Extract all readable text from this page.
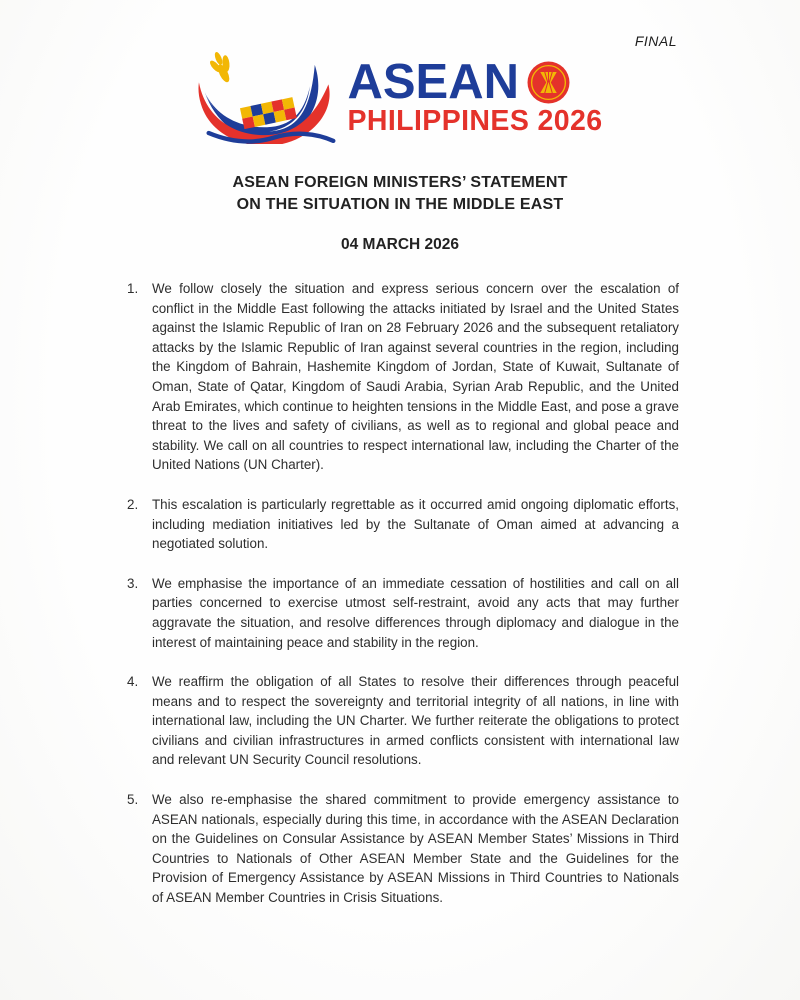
FINAL
ASEAN
PHILIPPINES 2026
ASEAN FOREIGN MINISTERS’ STATEMENT
ON THE SITUATION IN THE MIDDLE EAST
04 MARCH 2026
1.	We follow closely the situation and express serious concern over the escalation of conflict in the Middle East following the attacks initiated by Israel and the United States against the Islamic Republic of Iran on 28 February 2026 and the subsequent retaliatory attacks by the Islamic Republic of Iran against several countries in the region, including the Kingdom of Bahrain, Hashemite Kingdom of Jordan, State of Kuwait, Sultanate of Oman, State of Qatar, Kingdom of Saudi Arabia, Syrian Arab Republic, and the United Arab Emirates, which continue to heighten tensions in the Middle East, and pose a grave threat to the lives and safety of civilians, as well as to regional and global peace and stability. We call on all countries to respect international law, including the Charter of the United Nations (UN Charter).
2.	This escalation is particularly regrettable as it occurred amid ongoing diplomatic efforts, including mediation initiatives led by the Sultanate of Oman aimed at advancing a negotiated solution.
3.	We emphasise the importance of an immediate cessation of hostilities and call on all parties concerned to exercise utmost self-restraint, avoid any acts that may further aggravate the situation, and resolve differences through diplomacy and dialogue in the interest of maintaining peace and stability in the region.
4.	We reaffirm the obligation of all States to resolve their differences through peaceful means and to respect the sovereignty and territorial integrity of all nations, in line with international law, including the UN Charter. We further reiterate the obligations to protect civilians and civilian infrastructures in armed conflicts consistent with international law and relevant UN Security Council resolutions.
5.	We also re-emphasise the shared commitment to provide emergency assistance to ASEAN nationals, especially during this time, in accordance with the ASEAN Declaration on the Guidelines on Consular Assistance by ASEAN Member States’ Missions in Third Countries to Nationals of Other ASEAN Member State and the Guidelines for the Provision of Emergency Assistance by ASEAN Missions in Third Countries to Nationals of ASEAN Member Countries in Crisis Situations.
